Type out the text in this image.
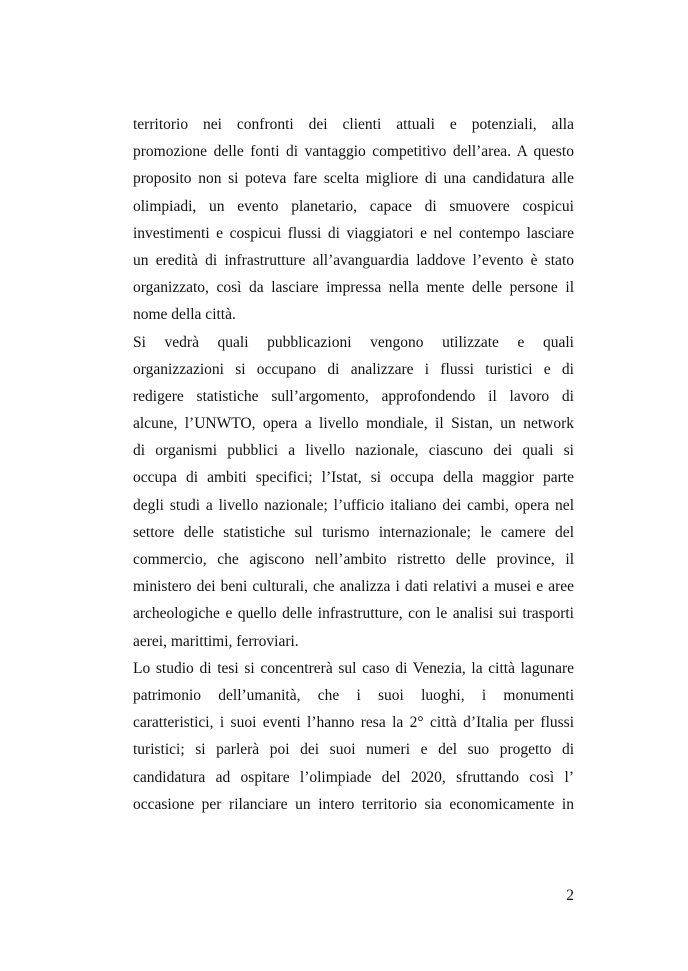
territorio nei confronti dei clienti attuali e potenziali, alla
promozione delle fonti di vantaggio competitivo dell’area. A questo
proposito non si poteva fare scelta migliore di una candidatura alle
olimpiadi, un evento planetario, capace di smuovere cospicui
investimenti e cospicui flussi di viaggiatori e nel contempo lasciare
un eredità di infrastrutture all’avanguardia laddove l’evento è stato
organizzato, così da lasciare impressa nella mente delle persone il
nome della città.
Si vedrà quali pubblicazioni vengono utilizzate e quali
organizzazioni si occupano di analizzare i flussi turistici e di
redigere statistiche sull’argomento, approfondendo il lavoro di
alcune, l’UNWTO, opera a livello mondiale, il Sistan, un network
di organismi pubblici a livello nazionale, ciascuno dei quali si
occupa di ambiti specifici; l’Istat, si occupa della maggior parte
degli studi a livello nazionale; l’ufficio italiano dei cambi, opera nel
settore delle statistiche sul turismo internazionale; le camere del
commercio, che agiscono nell’ambito ristretto delle province, il
ministero dei beni culturali, che analizza i dati relativi a musei e aree
archeologiche e quello delle infrastrutture, con le analisi sui trasporti
aerei, marittimi, ferroviari.
Lo studio di tesi si concentrerà sul caso di Venezia, la città lagunare
patrimonio dell’umanità, che i suoi luoghi, i monumenti
caratteristici, i suoi eventi l’hanno resa la 2° città d’Italia per flussi
turistici; si parlerà poi dei suoi numeri e del suo progetto di
candidatura ad ospitare l’olimpiade del 2020, sfruttando così l’
occasione per rilanciare un intero territorio sia economicamente in
2
